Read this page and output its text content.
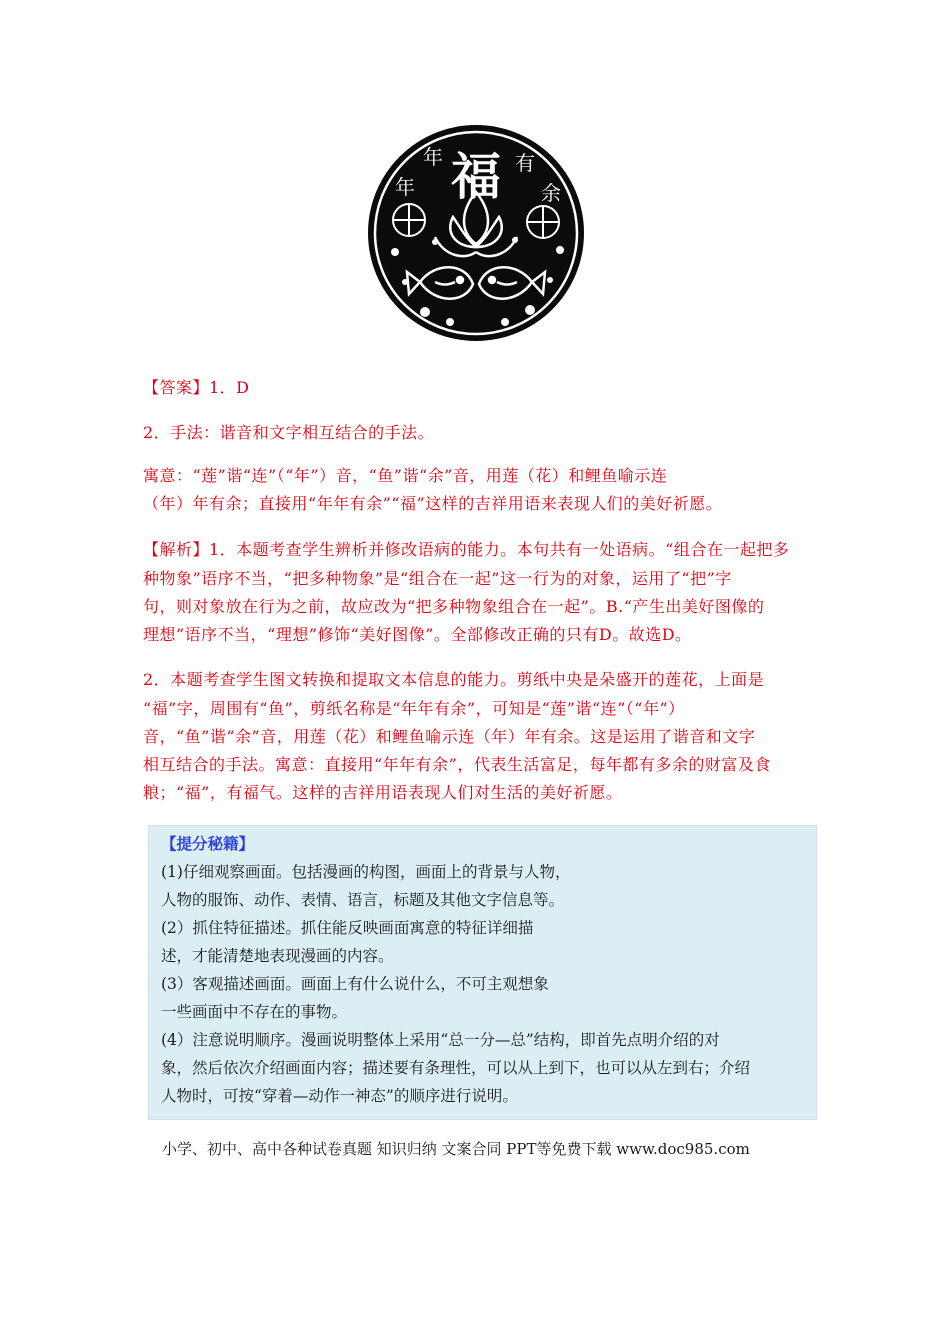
年
年 福 有
余
【答案】1．D
2．手法：谐音和文字相互结合的手法。
寓意：“莲”谐“连”（“年”）音，“鱼”谐“余”音，用莲（花）和鲤鱼喻示连
（年）年有余；直接用“年年有余”“福”这样的吉祥用语来表现人们的美好祈愿。
【解析】1．本题考查学生辨析并修改语病的能力。本句共有一处语病。“组合在一起把多
种物象”语序不当，“把多种物象”是“组合在一起”这一行为的对象，运用了“把”字
句，则对象放在行为之前，故应改为“把多种物象组合在一起”。B.“产生出美好图像的
理想”语序不当，“理想”修饰“美好图像”。全部修改正确的只有D。故选D。
2．本题考查学生图文转换和提取文本信息的能力。剪纸中央是朵盛开的莲花，上面是
“福”字，周围有“鱼”，剪纸名称是“年年有余”，可知是“莲”谐“连”（“年”）
音，“鱼”谐“余”音，用莲（花）和鲤鱼喻示连（年）年有余。这是运用了谐音和文字
相互结合的手法。寓意：直接用“年年有余”，代表生活富足，每年都有多余的财富及食
粮；“福”，有福气。这样的吉祥用语表现人们对生活的美好祈愿。
【提分秘籍】
(1)仔细观察画面。包括漫画的构图，画面上的背景与人物，
人物的服饰、动作、表情、语言，标题及其他文字信息等。
(2）抓住特征描述。抓住能反映画面寓意的特征详细描
述，才能清楚地表现漫画的内容。
(3）客观描述画面。画面上有什么说什么，不可主观想象
一些画面中不存在的事物。
(4）注意说明顺序。漫画说明整体上采用“总一分—总”结构，即首先点明介绍的对
象，然后依次介绍画面内容；描述要有条理性，可以从上到下，也可以从左到右；介绍
人物时，可按“穿着—动作一神态”的顺序进行说明。
小学、初中、高中各种试卷真题 知识归纳 文案合同 PPT等免费下载 www.doc985.com
